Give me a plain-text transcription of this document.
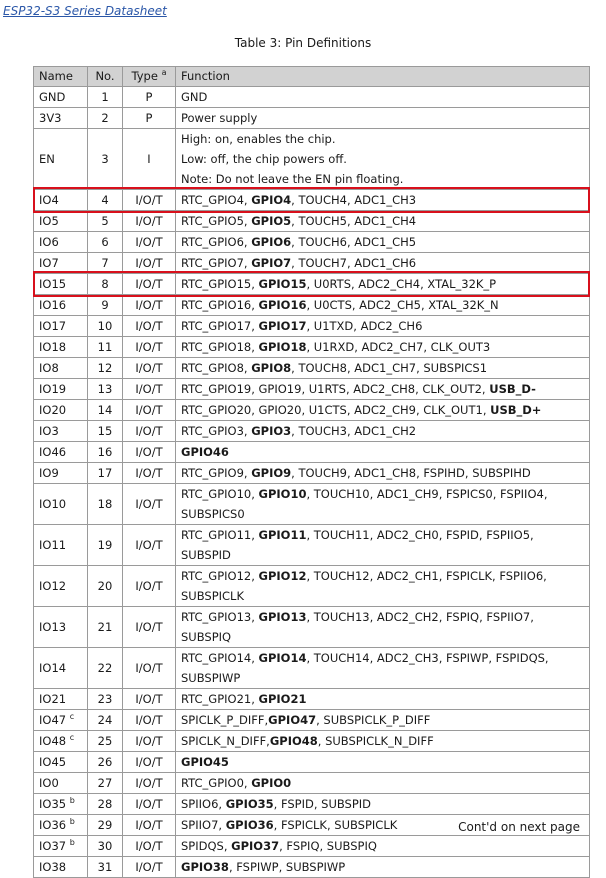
ESP32-S3 Series Datasheet
Table 3: Pin Definitions
Name	No.	Type $^a$	Function
GND	1	P	GND
3V3	2	P	Power supply
EN	3	I	High: on, enables the chip.
Low: off, the chip powers off.
Note: Do not leave the EN pin floating.

IO4	4	I/O/T	RTC_GPIO4, GPIO4, TOUCH4, ADC1_CH3
IO5	5	I/O/T	RTC_GPIO5, GPIO5, TOUCH5, ADC1_CH4
IO6	6	I/O/T	RTC_GPIO6, GPIO6, TOUCH6, ADC1_CH5
IO7	7	I/O/T	RTC_GPIO7, GPIO7, TOUCH7, ADC1_CH6
IO15	8	I/O/T	RTC_GPIO15, GPIO15, U0RTS, ADC2_CH4, XTAL_32K_P
IO16	9	I/O/T	RTC_GPIO16, GPIO16, U0CTS, ADC2_CH5, XTAL_32K_N
IO17	10	I/O/T	RTC_GPIO17, GPIO17, U1TXD, ADC2_CH6
IO18	11	I/O/T	RTC_GPIO18, GPIO18, U1RXD, ADC2_CH7, CLK_OUT3
IO8	12	I/O/T	RTC_GPIO8, GPIO8, TOUCH8, ADC1_CH7, SUBSPICS1
IO19	13	I/O/T	RTC_GPIO19, GPIO19, U1RTS, ADC2_CH8, CLK_OUT2, USB_D-
IO20	14	I/O/T	RTC_GPIO20, GPIO20, U1CTS, ADC2_CH9, CLK_OUT1, USB_D+
IO3	15	I/O/T	RTC_GPIO3, GPIO3, TOUCH3, ADC1_CH2
IO46	16	I/O/T	GPIO46
IO9	17	I/O/T	RTC_GPIO9, GPIO9, TOUCH9, ADC1_CH8, FSPIHD, SUBSPIHD
IO10	18	I/O/T	RTC_GPIO10, GPIO10, TOUCH10, ADC1_CH9, FSPICS0, FSPIIO4,
SUBSPICS0

IO11	19	I/O/T	RTC_GPIO11, GPIO11, TOUCH11, ADC2_CH0, FSPID, FSPIIO5, SUBSPID
IO12	20	I/O/T	RTC_GPIO12, GPIO12, TOUCH12, ADC2_CH1, FSPICLK, FSPIIO6,
SUBSPICLK

IO13	21	I/O/T	RTC_GPIO13, GPIO13, TOUCH13, ADC2_CH2, FSPIQ, FSPIIO7, SUBSPIQ
IO14	22	I/O/T	RTC_GPIO14, GPIO14, TOUCH14, ADC2_CH3, FSPIWP, FSPIDQS,
SUBSPIWP

IO21	23	I/O/T	RTC_GPIO21, GPIO21
IO47 $^c$	24	I/O/T	SPICLK_P_DIFF,GPIO47, SUBSPICLK_P_DIFF
IO48 $^c$	25	I/O/T	SPICLK_N_DIFF,GPIO48, SUBSPICLK_N_DIFF
IO45	26	I/O/T	GPIO45
IO0	27	I/O/T	RTC_GPIO0, GPIO0
IO35 $^b$	28	I/O/T	SPIIO6, GPIO35, FSPID, SUBSPID
IO36 $^b$	29	I/O/T	SPIIO7, GPIO36, FSPICLK, SUBSPICLK
IO37 $^b$	30	I/O/T	SPIDQS, GPIO37, FSPIQ, SUBSPIQ
IO38	31	I/O/T	GPIO38, FSPIWP, SUBSPIWP
Cont'd on next page
